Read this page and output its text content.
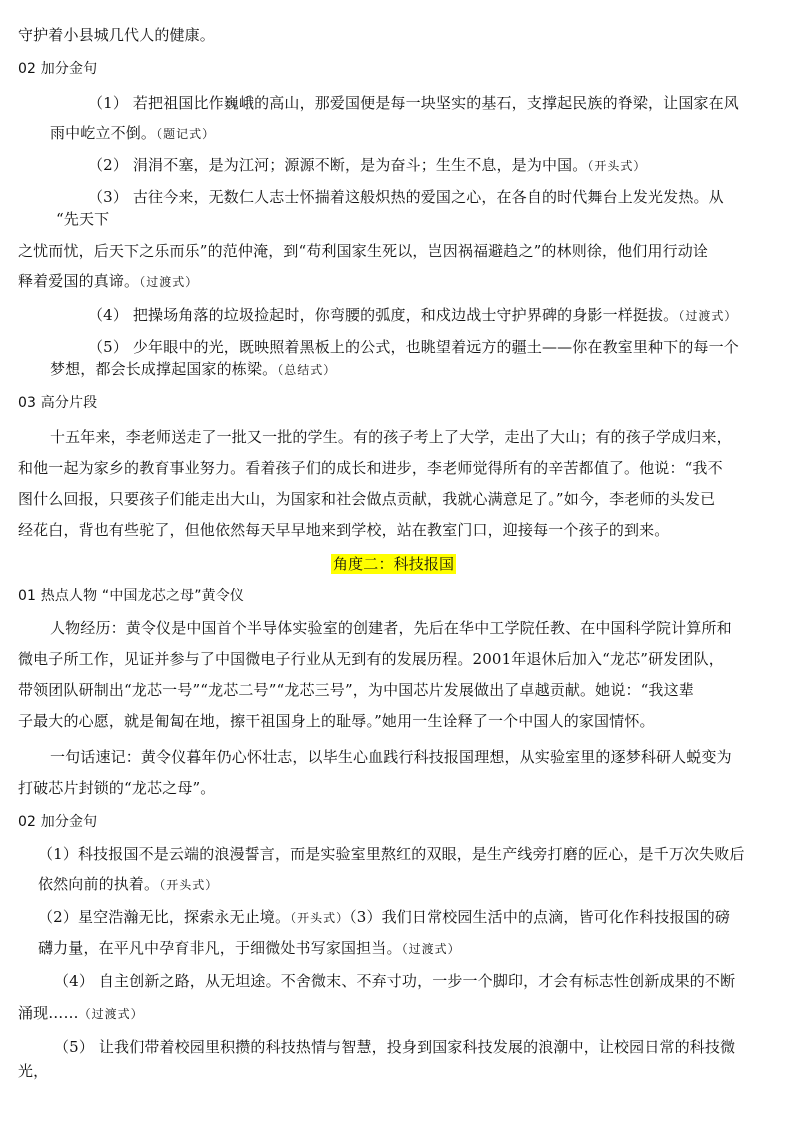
守护着小县城几代人的健康。
02 加分金句
（1） 若把祖国比作巍峨的高山，那爱国便是每一块坚实的基石，支撑起民族的脊梁，让国家在风
雨中屹立不倒。（题记式）
（2） 涓涓不塞，是为江河；源源不断，是为奋斗；生生不息，是为中国。（开头式）
（3） 古往今来，无数仁人志士怀揣着这般炽热的爱国之心，在各自的时代舞台上发光发热。从
“先天下
之忧而忧，后天下之乐而乐”的范仲淹，到“苟利国家生死以，岂因祸福避趋之”的林则徐，他们用行动诠
释着爱国的真谛。（过渡式）
（4） 把操场角落的垃圾捡起时，你弯腰的弧度，和戍边战士守护界碑的身影一样挺拔。（过渡式）
（5） 少年眼中的光，既映照着黑板上的公式，也眺望着远方的疆土——你在教室里种下的每一个
梦想，都会长成撑起国家的栋梁。（总结式）
03 高分片段
十五年来，李老师送走了一批又一批的学生。有的孩子考上了大学，走出了大山；有的孩子学成归来，
和他一起为家乡的教育事业努力。看着孩子们的成长和进步，李老师觉得所有的辛苦都值了。他说：“我不
图什么回报，只要孩子们能走出大山，为国家和社会做点贡献，我就心满意足了。”如今，李老师的头发已
经花白，背也有些驼了，但他依然每天早早地来到学校，站在教室门口，迎接每一个孩子的到来。
角度二：科技报国
01 热点人物 “中国龙芯之母”黄令仪
人物经历：黄令仪是中国首个半导体实验室的创建者，先后在华中工学院任教、在中国科学院计算所和
微电子所工作，见证并参与了中国微电子行业从无到有的发展历程。2001年退休后加入“龙芯”研发团队，
带领团队研制出“龙芯一号”“龙芯二号”“龙芯三号”，为中国芯片发展做出了卓越贡献。她说：“我这辈
子最大的心愿，就是匍匐在地，擦干祖国身上的耻辱。”她用一生诠释了一个中国人的家国情怀。
一句话速记：黄令仪暮年仍心怀壮志，以毕生心血践行科技报国理想，从实验室里的逐梦科研人蜕变为
打破芯片封锁的“龙芯之母”。
02 加分金句
（1）科技报国不是云端的浪漫誓言，而是实验室里熬红的双眼，是生产线旁打磨的匠心，是千万次失败后
依然向前的执着。（开头式）
（2）星空浩瀚无比，探索永无止境。（开头式）（3）我们日常校园生活中的点滴，皆可化作科技报国的磅
礴力量，在平凡中孕育非凡，于细微处书写家国担当。（过渡式）
（4） 自主创新之路，从无坦途。不舍微末、不弃寸功，一步一个脚印，才会有标志性创新成果的不断
涌现……（过渡式）
（5） 让我们带着校园里积攒的科技热情与智慧，投身到国家科技发展的浪潮中，让校园日常的科技微
光，
